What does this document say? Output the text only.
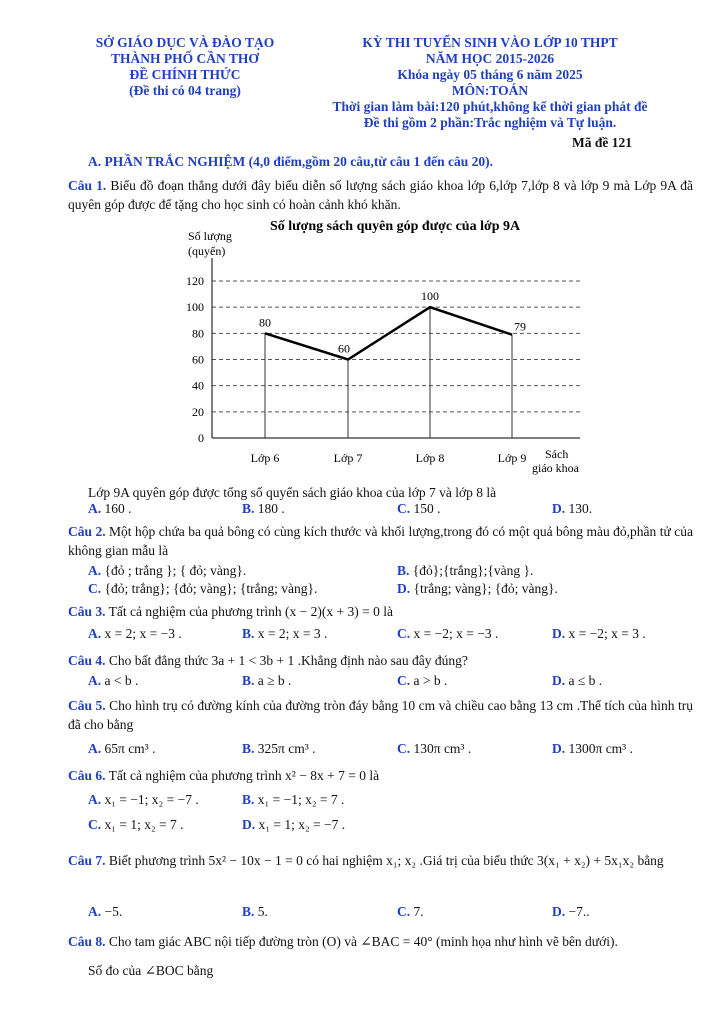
SỞ GIÁO DỤC VÀ ĐÀO TẠO
THÀNH PHỐ CẦN THƠ
ĐỀ CHÍNH THỨC
(Đề thi có 04 trang)
KỲ THI TUYỂN SINH VÀO LỚP 10 THPT
NĂM HỌC 2015-2026
Khóa ngày 05 tháng 6 năm 2025
MÔN:TOÁN
Thời gian làm bài:120 phút,không kể thời gian phát đề
Đề thi gồm 2 phần:Trắc nghiệm và Tự luận.
Mã đề 121
A. PHẦN TRẮC NGHIỆM (4,0 điểm,gồm 20 câu,từ câu 1 đến câu 20).
Câu 1. Biểu đồ đoạn thẳng dưới đây biểu diễn số lượng sách giáo khoa lớp 6,lớp 7,lớp 8 và lớp 9 mà Lớp 9A đã quyên góp được để tặng cho học sinh có hoàn cảnh khó khăn.
Số lượng sách quyên góp được của lớp 9A
Số lượng
(quyển)
0
20
40
60
80
100
120
Lớp 6	Lớp 7	Lớp 8	Lớp 9
80
60
100
79
Sách
giáo khoa
Lớp 9A quyên góp được tổng số quyển sách giáo khoa của lớp 7 và lớp 8 là
A. 160 .	B. 180 .	C. 150 .	D. 130.
Câu 2. Một hộp chứa ba quả bông có cùng kích thước và khối lượng,trong đó có một quả bông màu đỏ,phần tử của không gian mẫu là
A. {đỏ ; trắng }; { đỏ; vàng}.	B. {đỏ};{trắng};{vàng }.
C. {đỏ; trắng}; {đỏ; vàng}; {trắng; vàng}.	D. {trắng; vàng}; {đỏ; vàng}.
Câu 3. Tất cả nghiệm của phương trình (x − 2)(x + 3) = 0 là
A. x = 2; x = −3 .	B. x = 2; x = 3 .	C. x = −2; x = −3 .	D. x = −2; x = 3 .
Câu 4. Cho bất đẳng thức 3a + 1 < 3b + 1 .Khẳng định nào sau đây đúng?
A. a < b .	B. a ≥ b .	C. a > b .	D. a ≤ b .
Câu 5. Cho hình trụ có đường kính của đường tròn đáy bằng 10 cm và chiều cao bằng 13 cm .Thể tích của hình trụ đã cho bằng
A. 65π cm³ .	B. 325π cm³ .	C. 130π cm³ .	D. 1300π cm³ .
Câu 6. Tất cả nghiệm của phương trình x² − 8x + 7 = 0 là
A. x₁ = −1; x₂ = −7 .	B. x₁ = −1; x₂ = 7 .
C. x₁ = 1; x₂ = 7 .	D. x₁ = 1; x₂ = −7 .
Câu 7. Biết phương trình 5x² − 10x − 1 = 0 có hai nghiệm x₁; x₂ .Giá trị của biểu thức 3(x₁ + x₂) + 5x₁x₂ bằng
A. −5.	B. 5.	C. 7.	D. −7..
Câu 8. Cho tam giác ABC nội tiếp đường tròn (O) và ∠BAC = 40° (minh họa như hình vẽ bên dưới).
Số đo của ∠BOC bằng
